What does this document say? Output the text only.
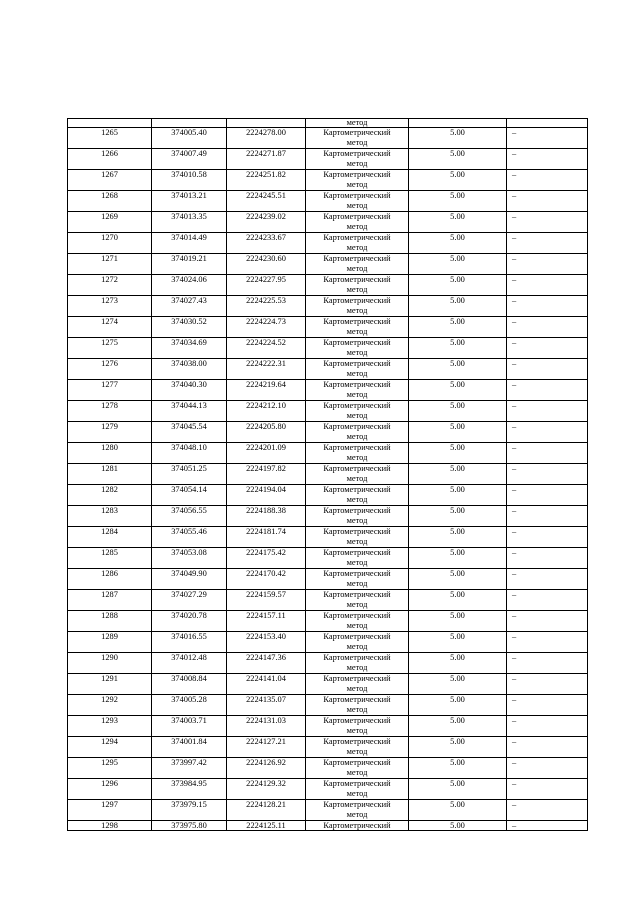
			метод		
1265	374005.40	2224278.00	Картометрический
метод	5.00	–
1266	374007.49	2224271.87	Картометрический
метод	5.00	–
1267	374010.58	2224251.82	Картометрический
метод	5.00	–
1268	374013.21	2224245.51	Картометрический
метод	5.00	–
1269	374013.35	2224239.02	Картометрический
метод	5.00	–
1270	374014.49	2224233.67	Картометрический
метод	5.00	–
1271	374019.21	2224230.60	Картометрический
метод	5.00	–
1272	374024.06	2224227.95	Картометрический
метод	5.00	–
1273	374027.43	2224225.53	Картометрический
метод	5.00	–
1274	374030.52	2224224.73	Картометрический
метод	5.00	–
1275	374034.69	2224224.52	Картометрический
метод	5.00	–
1276	374038.00	2224222.31	Картометрический
метод	5.00	–
1277	374040.30	2224219.64	Картометрический
метод	5.00	–
1278	374044.13	2224212.10	Картометрический
метод	5.00	–
1279	374045.54	2224205.80	Картометрический
метод	5.00	–
1280	374048.10	2224201.09	Картометрический
метод	5.00	–
1281	374051.25	2224197.82	Картометрический
метод	5.00	–
1282	374054.14	2224194.04	Картометрический
метод	5.00	–
1283	374056.55	2224188.38	Картометрический
метод	5.00	–
1284	374055.46	2224181.74	Картометрический
метод	5.00	–
1285	374053.08	2224175.42	Картометрический
метод	5.00	–
1286	374049.90	2224170.42	Картометрический
метод	5.00	–
1287	374027.29	2224159.57	Картометрический
метод	5.00	–
1288	374020.78	2224157.11	Картометрический
метод	5.00	–
1289	374016.55	2224153.40	Картометрический
метод	5.00	–
1290	374012.48	2224147.36	Картометрический
метод	5.00	–
1291	374008.84	2224141.04	Картометрический
метод	5.00	–
1292	374005.28	2224135.07	Картометрический
метод	5.00	–
1293	374003.71	2224131.03	Картометрический
метод	5.00	–
1294	374001.84	2224127.21	Картометрический
метод	5.00	–
1295	373997.42	2224126.92	Картометрический
метод	5.00	–
1296	373984.95	2224129.32	Картометрический
метод	5.00	–
1297	373979.15	2224128.21	Картометрический
метод	5.00	–
1298	373975.80	2224125.11	Картометрический	5.00	–
